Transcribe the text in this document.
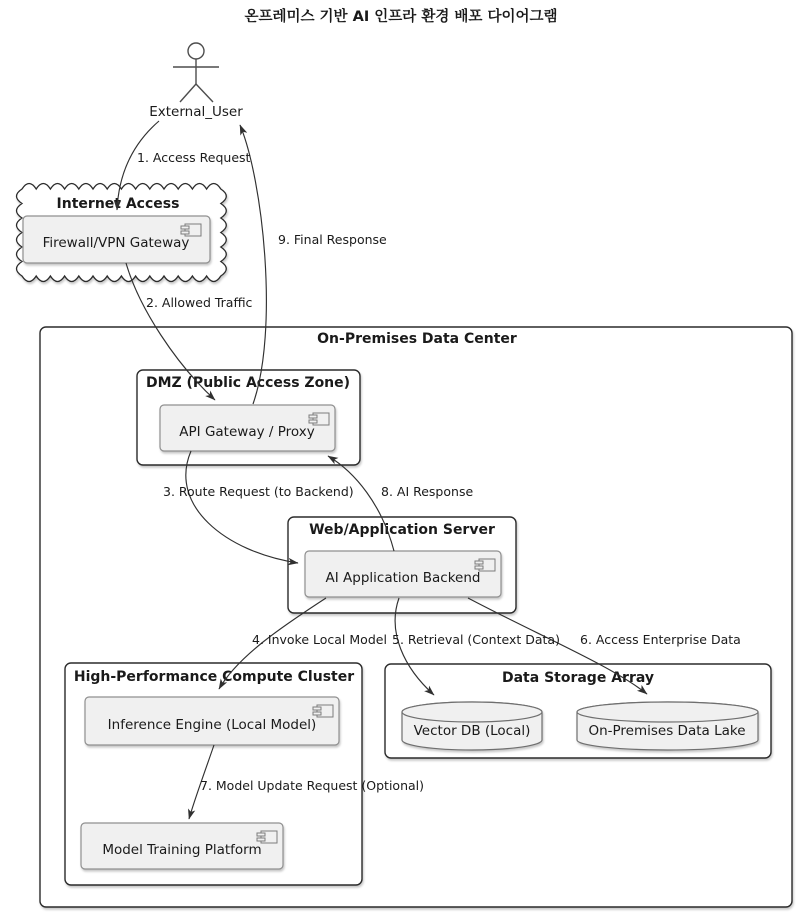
온프레미스 기반 AI 인프라 환경 배포 다이어그램
On-Premises Data Center
Internet Access
Firewall/VPN Gateway
External_User
DMZ (Public Access Zone)
API Gateway / Proxy
Web/Application Server
AI Application Backend
High-Performance Compute Cluster
Inference Engine (Local Model)
Model Training Platform
Data Storage Array
Vector DB (Local)	On-Premises Data Lake
1. Access Request
2. Allowed Traffic
3. Route Request (to Backend) 8. AI Response
9. Final Response
4. Invoke Local Model 5. Retrieval (Context Data) 6. Access Enterprise Data
7. Model Update Request (Optional)
